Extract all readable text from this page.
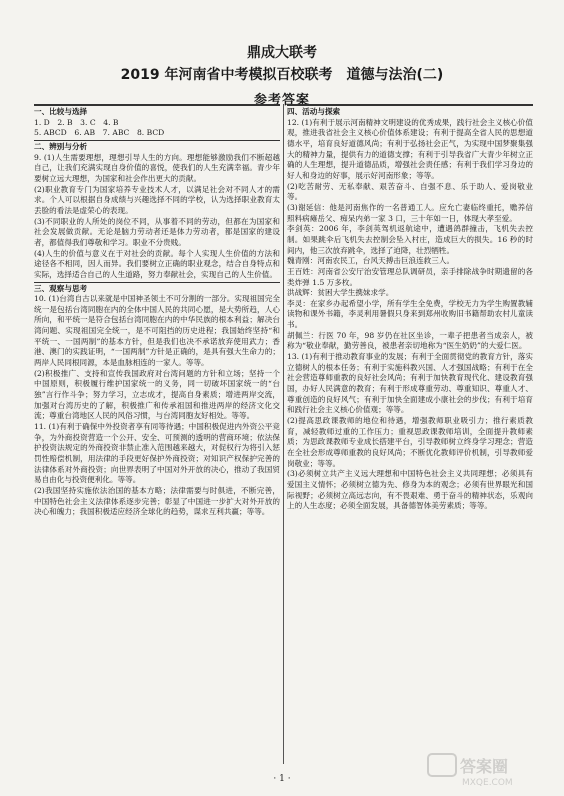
鼎成大联考
2019 年河南省中考模拟百校联考　道德与法治(二)
参考答案
一、比较与选择
1. D　2. B　3. C　4. B
5. ABCD　6. AB　7. ABC　8. BCD
二、辨别与分析
9. (1)人生需要理想，理想引导人生的方向。理想能够激励我们不断超越自己，让我们充满实现自身价值的喜悦，使我们的人生充满幸福。青少年要树立远大理想，为国家和社会作出更大的贡献。
(2)职业教育专门为国家培养专业技术人才，以满足社会对不同人才的需求。个人可以根据自身成绩与兴趣选择不同的学校，认为选择职业教育太丢脸的看法是虚荣心的表现。
(3)不同职业的人所处的岗位不同，从事着不同的劳动，但都在为国家和社会发展做贡献。无论是脑力劳动者还是体力劳动者，都是国家的建设者，都值得我们尊敬和学习。职业不分贵贱。
(4)人生的价值与意义在于对社会的贡献。每个人实现人生价值的方法和途径各不相同，因人而异。我们要树立正确的职业观念，结合自身特点和实际，选择适合自己的人生道路，努力奉献社会，实现自己的人生价值。
三、观察与思考
10. (1)台湾自古以来就是中国神圣领土不可分割的一部分。实现祖国完全统一是包括台湾同胞在内的全体中国人民的共同心愿，是大势所趋，人心所向，和平统一是符合包括台湾同胞在内的中华民族的根本利益；解决台湾问题、实现祖国完全统一，是不可阻挡的历史进程；我国始终坚持“和平统一、一国两制”的基本方针，但是我们也决不承诺放弃使用武力；香港、澳门的实践证明，“一国两制”方针是正确的，是具有强大生命力的；两岸人民同根同源，本是血脉相连的一家人。等等。
(2)积极推广、支持和宣传我国政府对台湾问题的方针和立场；坚持一个中国原则，积极履行维护国家统一的义务，同一切破坏国家统一的“台独”言行作斗争；努力学习，立志成才，提高自身素质；增进两岸交流，加强对台湾历史的了解，积极推广和传承祖国和推进两岸的经济文化交流；尊重台湾地区人民的风俗习惯，与台湾同胞友好相处。等等。
11. (1)有利于确保中外投资者享有同等待遇；中国积极促进内外资公平竞争，为外商投资营造一个公开、安全、可预测的透明的营商环境；依法保护投资法规定的外商投资非禁止准入范围越来越大，对促权行为将引入惩罚性赔偿机制，用法律的手段更好保护外商投资；对知识产权保护完善的法律体系对外商投资；向世界表明了中国对外开放的决心，推动了我国贸易自由化与投资便利化。等等。
(2)我国坚持实施依法治国的基本方略；法律需要与时俱进，不断完善，中国特色社会主义法律体系逐步完善；彰显了中国进一步扩大对外开放的决心和魄力；我国积极适应经济全球化的趋势，谋求互利共赢；等等。
四、活动与探索
12. (1)有利于展示河南精神文明建设的优秀成果，践行社会主义核心价值观，推进我省社会主义核心价值体系建设；有利于提高全省人民的思想道德水平，培育良好道德风尚；有利于弘扬社会正气，为实现中国梦聚集强大的精神力量，提供有力的道德支撑；有利于引导我省广大青少年树立正确的人生理想，提升道德品质，增强社会责任感；有利于我们学习身边的好人和身边的好事，展示好河南形象；等等。
(2)吃苦耐劳、无私奉献、艰苦奋斗、自强不息、乐于助人、爱岗敬业等。
(3)谢延信：他是河南焦作的一名普通工人。应允亡妻临终重托，赡养信照料病瘫岳父、痴呆内弟一家 3 口，三十年如一日，体现大孝至爱。
李剑英：2006 年，李剑英驾机返航途中，遭遇鸽群撞击，飞机失去控制。如果跳伞后飞机失去控制会坠入村庄，造成巨大的损失。16 秒的时间内，他三次放弃跳伞，选择了迫降，壮烈牺牲。
魏青刚：河南农民工，台风天搏击巨浪连救三人。
王百姓：河南省公安厅治安管理总队调研员，亲手排除战争时期遗留的各类炸弹 1.5 万多枚。
洪战辉：贫困大学生携妹求学。
李灵：在家乡办起希望小学，所有学生全免费，学校无力为学生购置教辅读物和课外书籍，李灵利用暑假只身来到郑州收购旧书籍帮助农村儿童读书。
胡佩兰：行医 70 年，98 岁仍在社区坐诊，一辈子把患者当成亲人，被称为“敬业奉献，勤劳善良，被患者亲切地称为“医生奶奶”的大爱仁医。
13. (1)有利于推动教育事业的发展；有利于全面贯彻党的教育方针，落实立德树人的根本任务；有利于实施科教兴国、人才强国战略；有利于在全社会营造尊师重教的良好社会风尚；有利于加快教育现代化、建设教育强国，办好人民满意的教育；有利于形成尊重劳动、尊重知识、尊重人才、尊重创造的良好风气；有利于加快全面建成小康社会的步伐；有利于培育和践行社会主义核心价值观；等等。
(2)提高思政课教师的地位和待遇，增强教师职业吸引力；推行素质教育，减轻教师过重的工作压力；重视思政课教师培训，全面提升教师素质；为思政课教师专业成长搭建平台，引导教师树立终身学习理念；营造在全社会形成尊师重教的良好风尚；不断优化教师评价机制，引导教师爱岗敬业；等等。
(3)必须树立共产主义远大理想和中国特色社会主义共同理想；必须具有爱国主义情怀；必须树立德为先、修身为本的观念；必须有世界眼光和国际视野；必须树立高远志向，有不畏艰难、勇于奋斗的精神状态，乐观向上的人生态度；必须全面发展，具备德智体美劳素质；等等。
· 1 ·
答案圈
MXQE.COM
